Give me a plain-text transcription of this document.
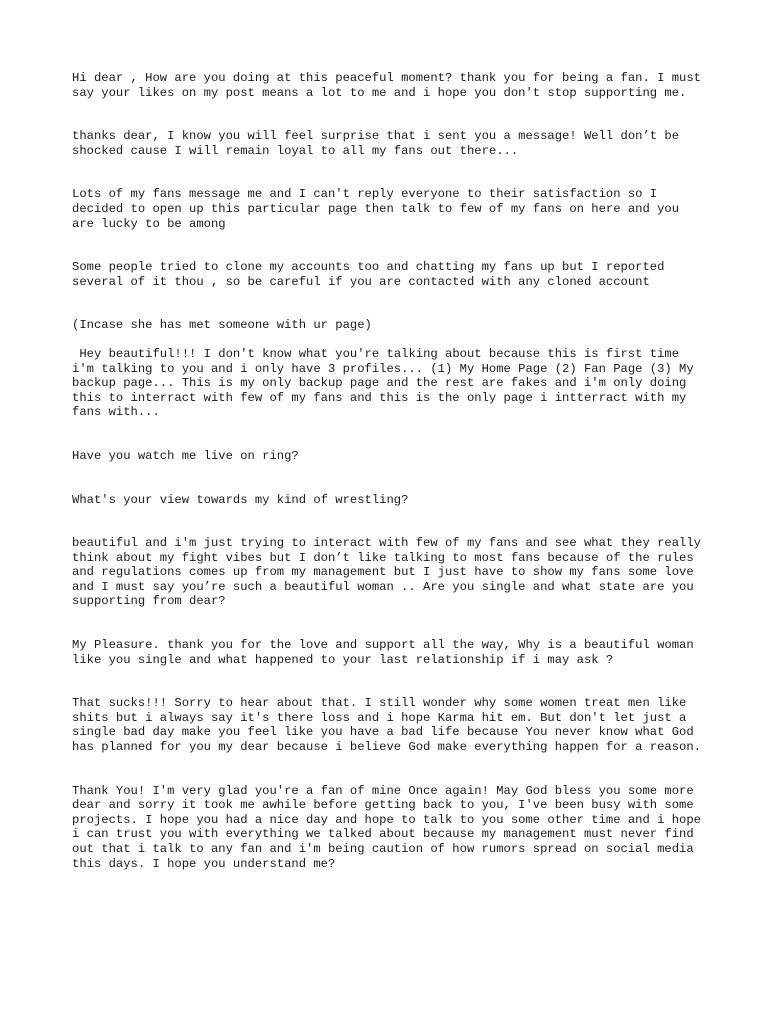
Hi dear , How are you doing at this peaceful moment? thank you for being a fan. I must say your likes on my post means a lot to me and i hope you don't stop supporting me.

thanks dear, I know you will feel surprise that i sent you a message! Well don’t be shocked cause I will remain loyal to all my fans out there...

Lots of my fans message me and I can't reply everyone to their satisfaction so I decided to open up this particular page then talk to few of my fans on here and you are lucky to be among

Some people tried to clone my accounts too and chatting my fans up but I reported several of it thou , so be careful if you are contacted with any cloned account

(Incase she has met someone with ur page)

Hey beautiful!!! I don't know what you're talking about because this is first time i'm talking to you and i only have 3 profiles... (1) My Home Page (2) Fan Page (3) My backup page... This is my only backup page and the rest are fakes and i'm only doing this to interract with few of my fans and this is the only page i intterract with my fans with...

Have you watch me live on ring?

What's your view towards my kind of wrestling?

beautiful and i'm just trying to interact with few of my fans and see what they really think about my fight vibes but I don’t like talking to most fans because of the rules and regulations comes up from my management but I just have to show my fans some love and I must say you’re such a beautiful woman .. Are you single and what state are you supporting from dear?

My Pleasure. thank you for the love and support all the way, Why is a beautiful woman like you single and what happened to your last relationship if i may ask ?

That sucks!!! Sorry to hear about that. I still wonder why some women treat men like shits but i always say it's there loss and i hope Karma hit em. But don't let just a single bad day make you feel like you have a bad life because You never know what God has planned for you my dear because i believe God make everything happen for a reason.

Thank You! I'm very glad you're a fan of mine Once again! May God bless you some more dear and sorry it took me awhile before getting back to you, I've been busy with some projects. I hope you had a nice day and hope to talk to you some other time and i hope i can trust you with everything we talked about because my management must never find out that i talk to any fan and i'm being caution of how rumors spread on social media this days. I hope you understand me?
